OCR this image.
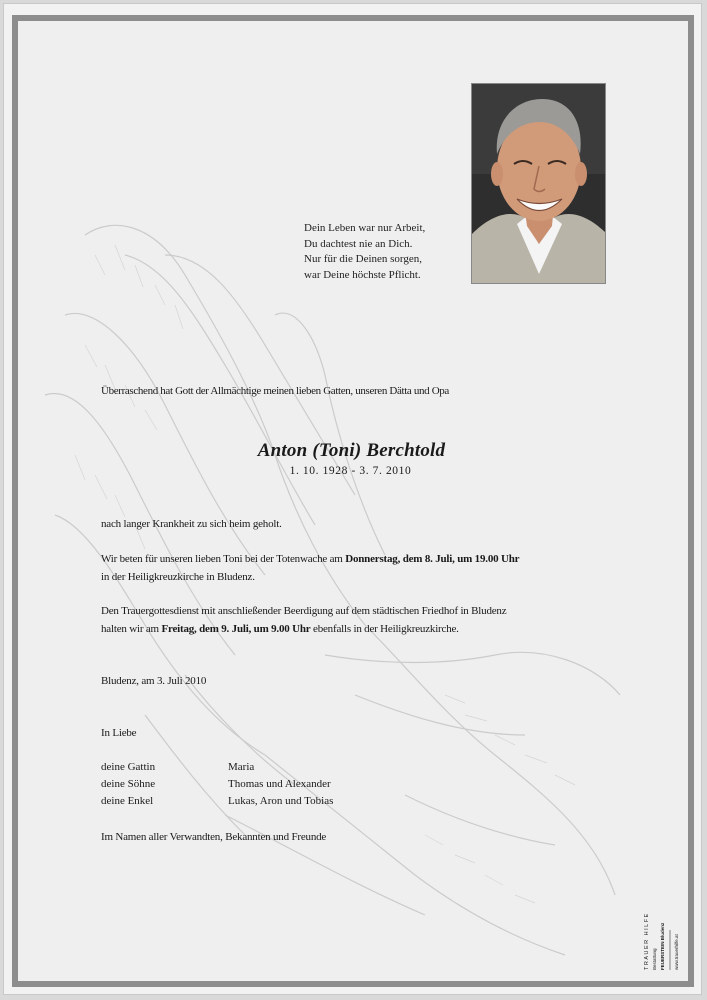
Dein Leben war nur Arbeit,
Du dachtest nie an Dich.
Nur für die Deinen sorgen,
war Deine höchste Pflicht.
Überraschend hat Gott der Allmächtige meinen lieben Gatten, unseren Dätta und Opa
Anton (Toni) Berchtold
1. 10. 1928 - 3. 7. 2010
nach langer Krankheit zu sich heim geholt.
Wir beten für unseren lieben Toni bei der Totenwache am Donnerstag, dem 8. Juli, um 19.00 Uhr
in der Heiligkreuzkirche in Bludenz.
Den Trauergottesdienst mit anschließender Beerdigung auf dem städtischen Friedhof in Bludenz
halten wir am Freitag, dem 9. Juli, um 9.00 Uhr ebenfalls in der Heiligkreuzkirche.
Bludenz, am 3. Juli 2010
In Liebe
deine Gattin	Maria
deine Söhne	Thomas und Alexander
deine Enkel	Lukas, Aron und Tobias
Im Namen aller Verwandten, Bekannten und Freunde
TRAUER HILFE Bestattung FEUERSTEIN Bludenz www.trauerhilfe.at
